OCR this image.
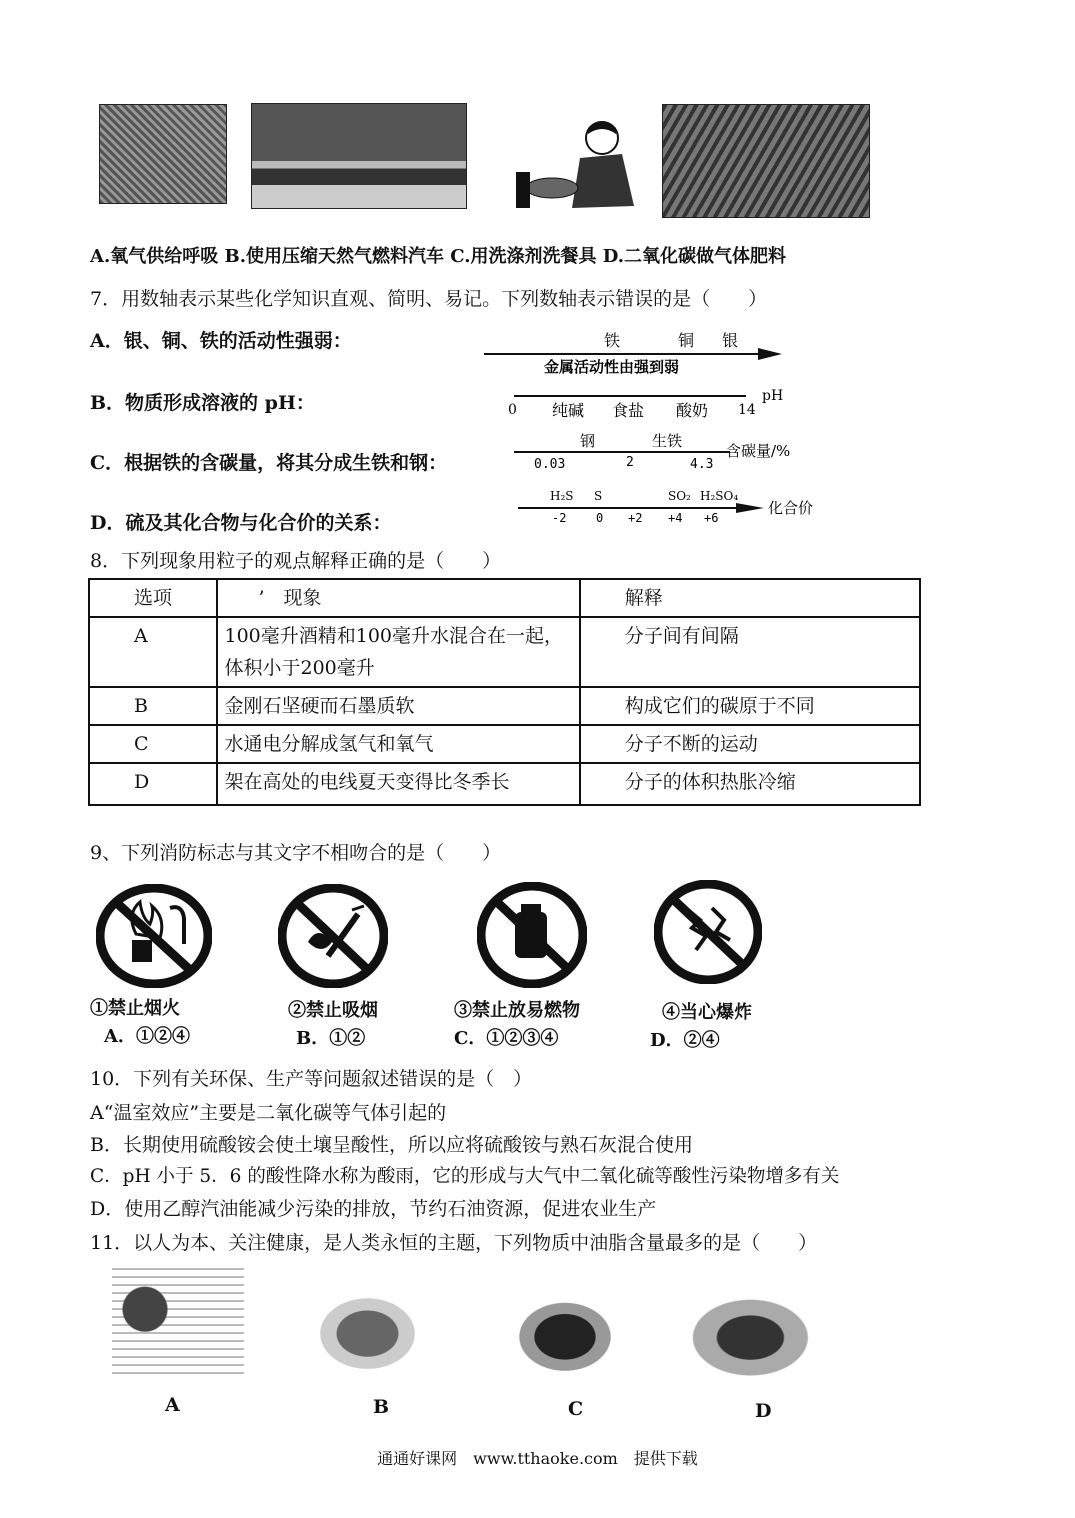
A.氧气供给呼吸 B.使用压缩天然气燃料汽车 C.用洗涤剂洗餐具 D.二氧化碳做气体肥料
7．用数轴表示某些化学知识直观、简明、易记。下列数轴表示错误的是（　　）
A．银、铜、铁的活动性强弱：	铁	铜 银
金属活动性由强到弱
B．物质形成溶液的 pH：	0	14
pH
纯碱 食盐 酸奶
C．根据铁的含碳量，将其分成生铁和钢：
钢	生铁
含碳量/%
0.03	2	4.3
D．硫及其化合物与化合价的关系：
H₂S S	SO₂ H₂SO₄
-2 0 +2 +4 +6
化合价
8．下列现象用粒子的观点解释正确的是（　　）
选项	’　现象	解释
A	100毫升酒精和100毫升水混合在一起，体积小于200毫升	分子间有间隔
B	金刚石坚硬而石墨质软	构成它们的碳原于不同
C	水通电分解成氢气和氧气	分子不断的运动
D	架在高处的电线夏天变得比冬季长	分子的体积热胀冷缩
9、下列消防标志与其文字不相吻合的是（　　）
①禁止烟火	②禁止吸烟	③禁止放易燃物	④当心爆炸
A．①②④	B．①②	C．①②③④	D．②④
10．下列有关环保、生产等问题叙述错误的是（　）
A“温室效应”主要是二氧化碳等气体引起的
B．长期使用硫酸铵会使土壤呈酸性，所以应将硫酸铵与熟石灰混合使用
C．pH 小于 5．6 的酸性降水称为酸雨，它的形成与大气中二氧化硫等酸性污染物增多有关
D．使用乙醇汽油能减少污染的排放，节约石油资源，促进农业生产
11．以人为本、关注健康，是人类永恒的主题，下列物质中油脂含量最多的是（　　）
A	B	C	D
通通好课网　www.tthaoke.com　提供下载
